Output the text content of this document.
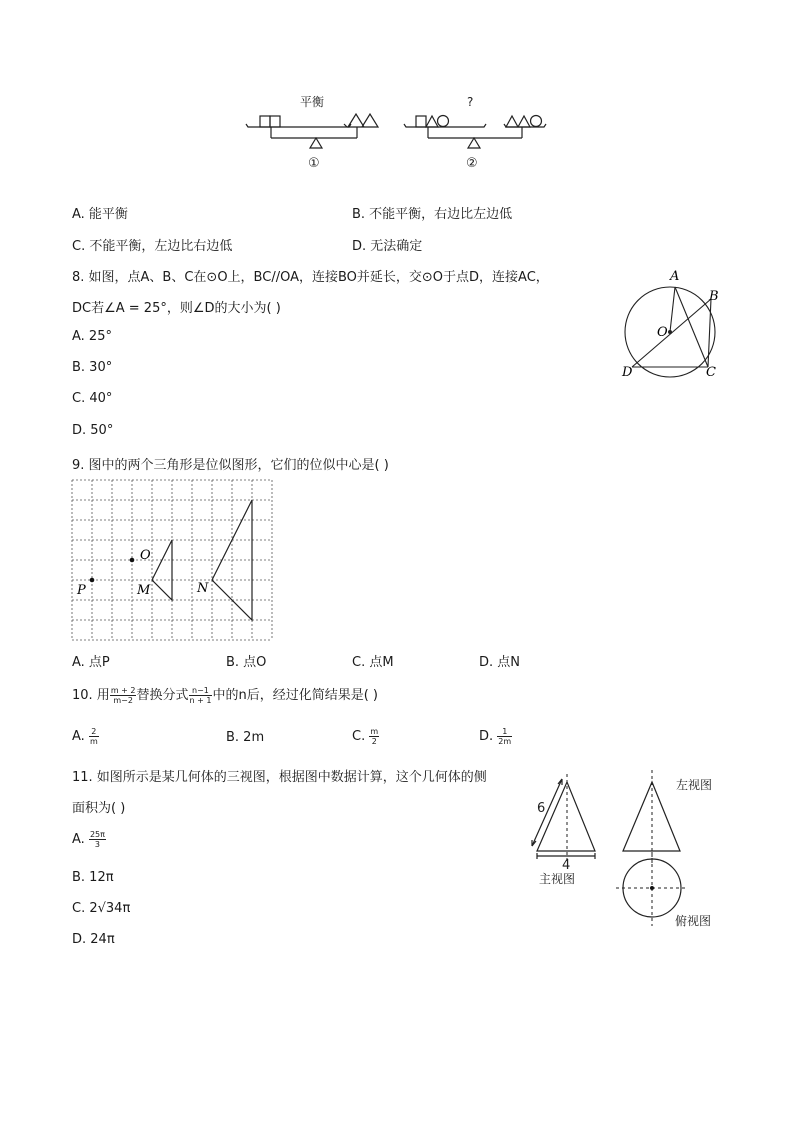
平衡
①
?
②
A. 能平衡	B. 不能平衡，右边比左边低
C. 不能平衡，左边比右边低	D. 无法确定
8. 如图，点A、B、C在⊙O上，BC//OA，连接BO并延长，交⊙O于点D，连接AC，
DC若∠A = 25°，则∠D的大小为( )
A. 25°
B. 30°
C. 40°
D. 50°
A
B
O
D	C
9. 图中的两个三角形是位似图形，它们的位似中心是( )
P
O
M	N
A. 点P	B. 点O	C. 点M	D. 点N
10. 用 $\frac{m + 2}{m-2}$ 替换分式 $\frac{n-1}{n + 1}$ 中的n后，经过化简结果是( )
A. $\frac{2}{m}$	B. 2m	C. $\frac{m}{2}$	D. $\frac{1}{2m}$
11. 如图所示是某几何体的三视图，根据图中数据计算，这个几何体的侧
面积为( )
A. $\frac{25\pi}{3}$
B. 12π
C. 2√34π
D. 24π
左视图
6
4
主视图
俯视图
